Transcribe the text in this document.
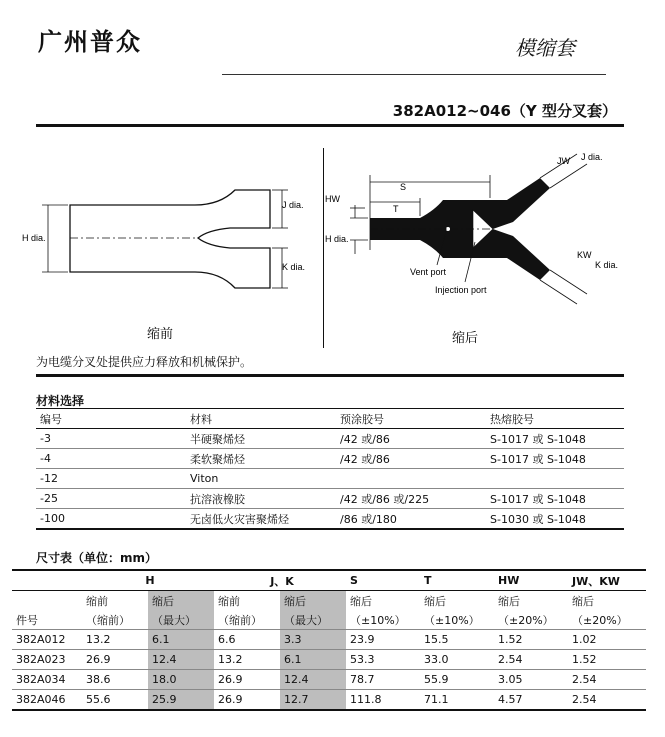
广州普众	模缩套
382A012~046（Y 型分叉套）
H dia.
J dia.
K dia.
缩前
S
T
HW
H dia.
JW J dia.
KW
K dia.
Vent port
Injection port
缩后
为电缆分叉处提供应力释放和机械保护。
材料选择
编号	材料	预涂胶号	热熔胶号
-3	半硬聚烯烃	/42 或/86	S-1017 或 S-1048
-4	柔软聚烯烃	/42 或/86	S-1017 或 S-1048
-12	Viton		
-25	抗溶液橡胶	/42 或/86 或/225	S-1017 或 S-1048
-100	无卤低火灾害聚烯烃	/86 或/180	S-1030 或 S-1048
尺寸表（单位：mm）
	H		J、K		S	T	HW	JW、KW
	缩前	缩后	缩前	缩后	缩后	缩后	缩后	缩后
件号	（缩前）	（最大）	（缩前）	（最大）	（±10%）	（±10%）	（±20%）	（±20%）
382A012	13.2	6.1	6.6	3.3	23.9	15.5	1.52	1.02
382A023	26.9	12.4	13.2	6.1	53.3	33.0	2.54	1.52
382A034	38.6	18.0	26.9	12.4	78.7	55.9	3.05	2.54
382A046	55.6	25.9	26.9	12.7	111.8	71.1	4.57	2.54
